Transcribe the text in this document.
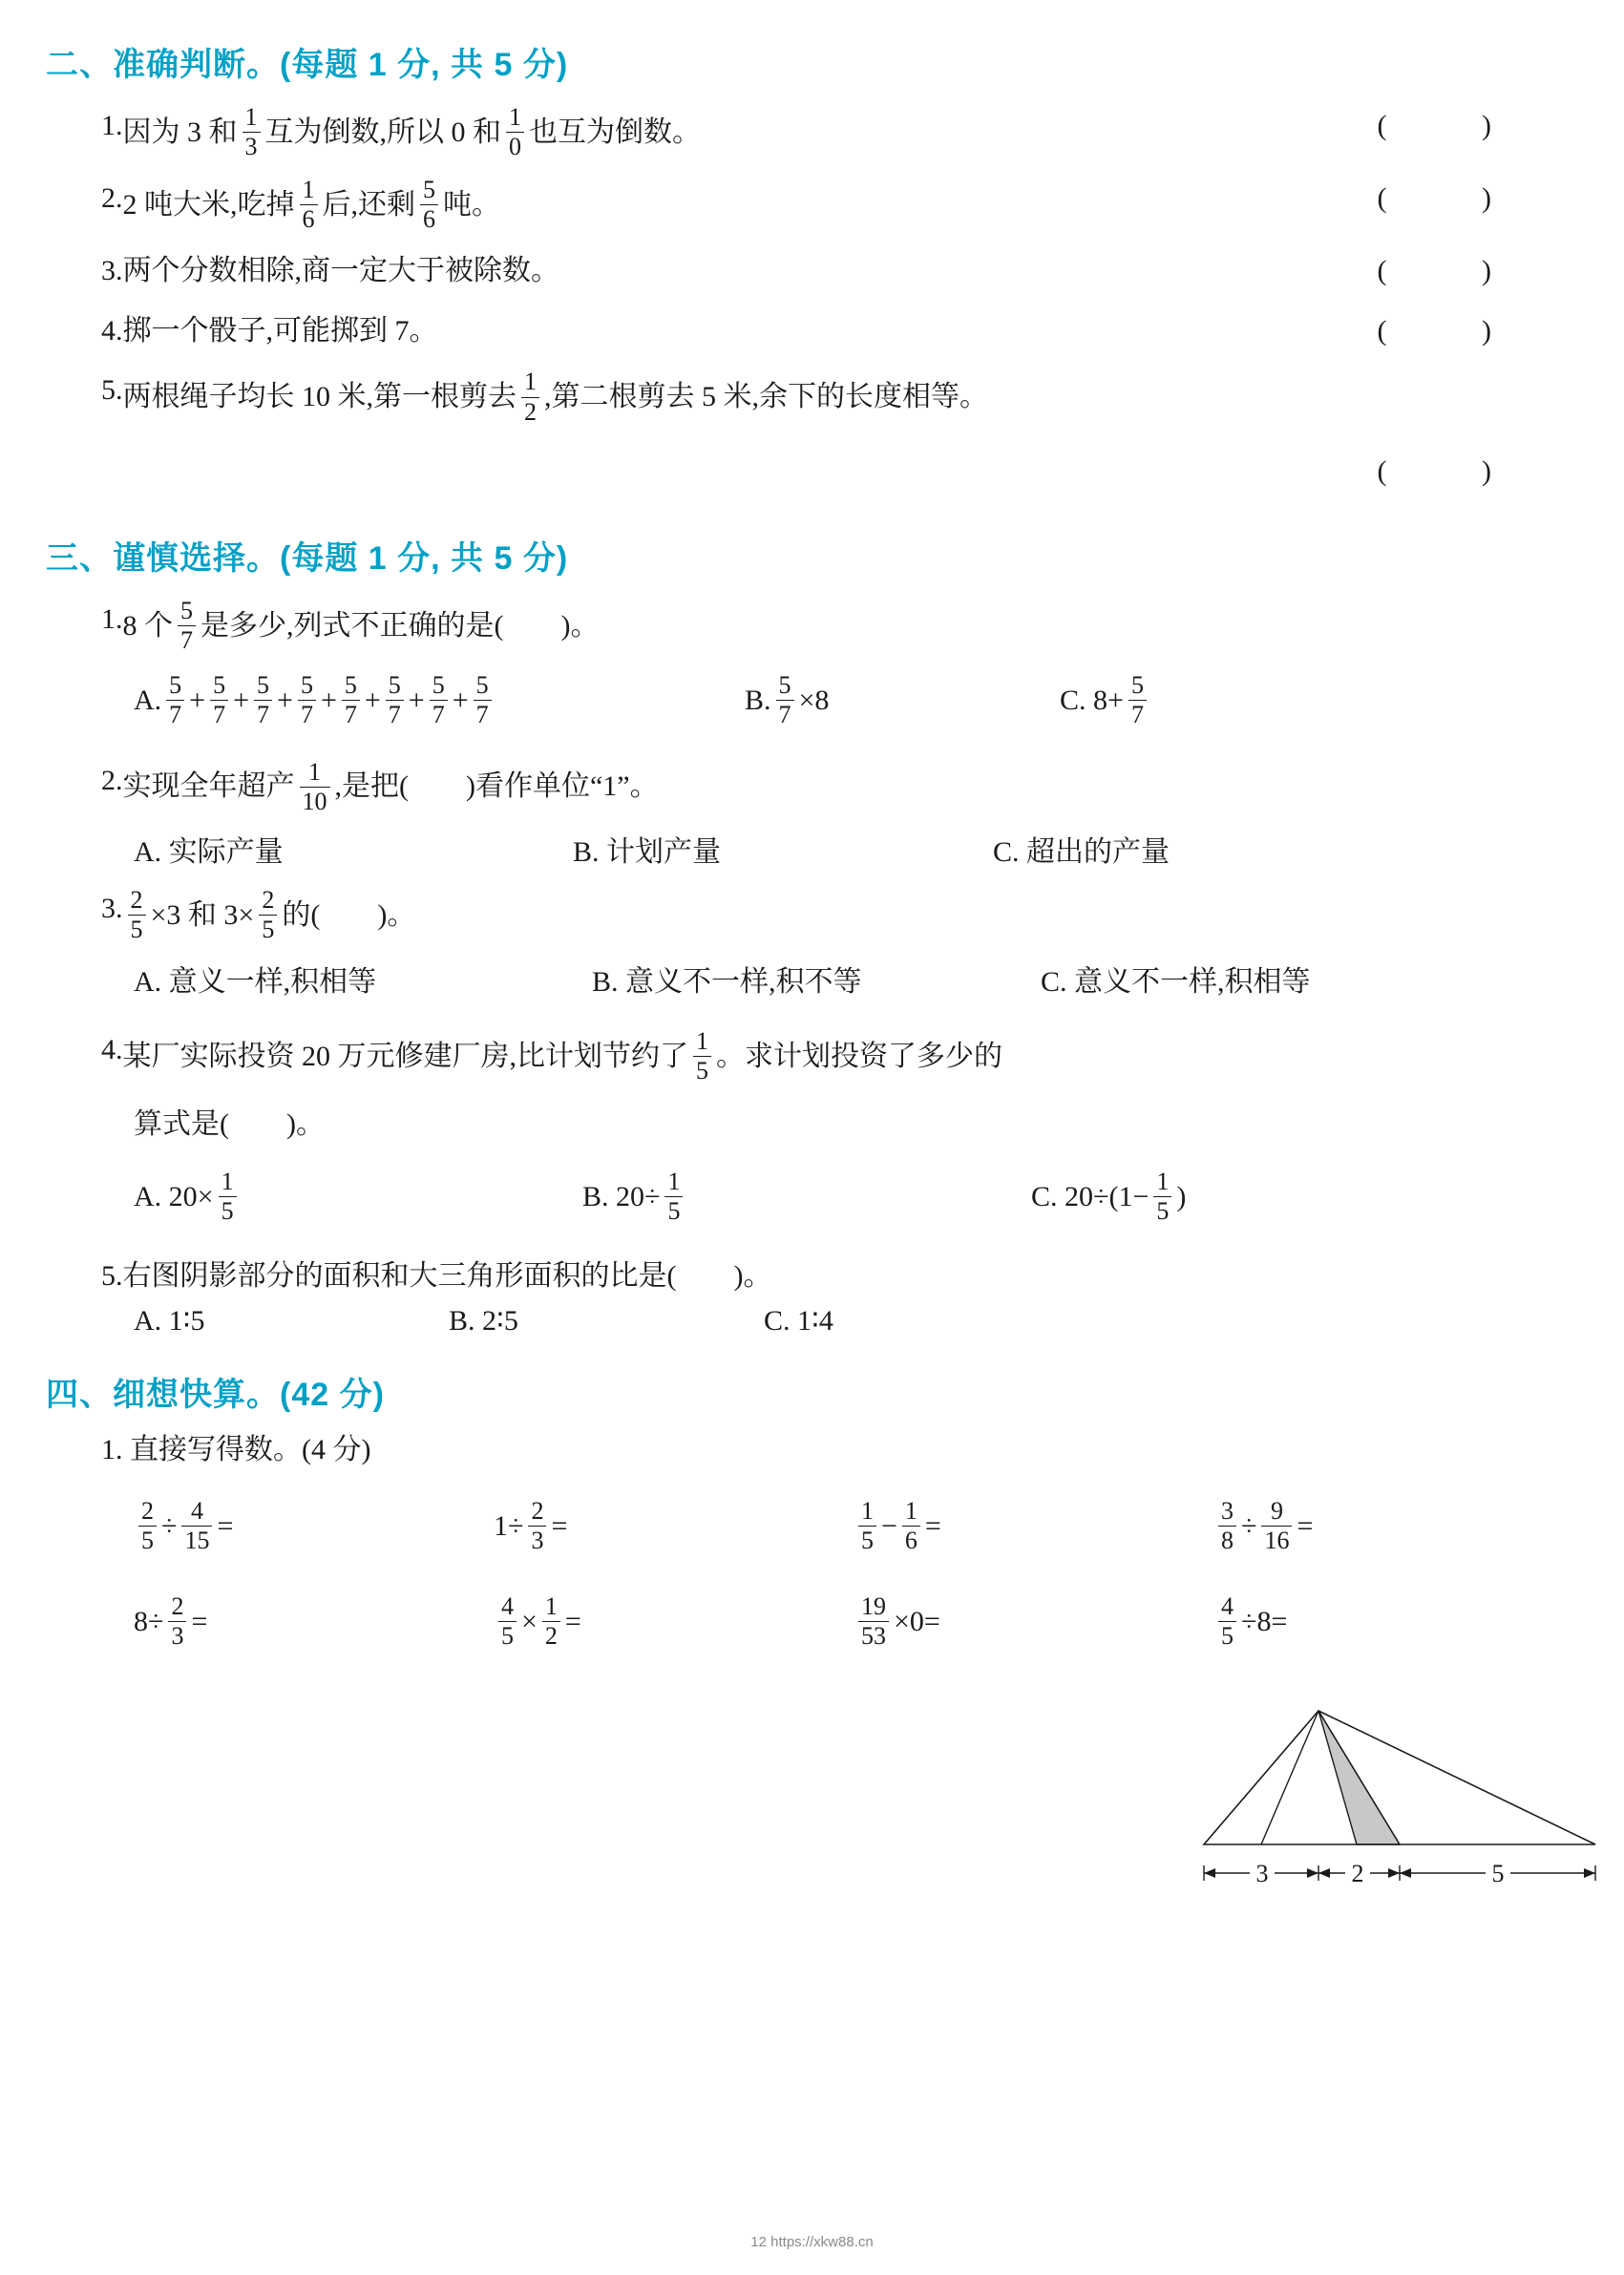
二、准确判断。(每题 1 分, 共 5 分)
1. 因为 3 和 $\frac{1}{3}$ 互为倒数,所以 0 和 $\frac{1}{0}$ 也互为倒数。	( )
2. 2 吨大米,吃掉 $\frac{1}{6}$ 后,还剩 $\frac{5}{6}$ 吨。	( )
3. 两个分数相除,商一定大于被除数。	( )
4. 掷一个骰子,可能掷到 7。	( )
5. 两根绳子均长 10 米,第一根剪去 $\frac{1}{2}$ ,第二根剪去 5 米,余下的长度相等。
( )
三、谨慎选择。(每题 1 分, 共 5 分)
1. 8 个 $\frac{5}{7}$ 是多少,列式不正确的是(        )。
A. $\frac{5}{7} + \frac{5}{7} + \frac{5}{7} + \frac{5}{7} + \frac{5}{7} + \frac{5}{7} + \frac{5}{7} + \frac{5}{7}$	B. $\frac{5}{7} \times 8$	C. $8+ \frac{5}{7}$
2. 实现全年超产 $\frac{1}{10}$ ,是把(        )看作单位“1”。
A. 实际产量	B. 计划产量	C. 超出的产量
3. $\frac{2}{5} \times 3$ 和 $3\times \frac{2}{5}$ 的(        )。
A. 意义一样,积相等	B. 意义不一样,积不等	C. 意义不一样,积相等
4. 某厂实际投资 20 万元修建厂房,比计划节约了 $\frac{1}{5}$ 。求计划投资了多少的
算式是(        )。
A. $20\times \frac{1}{5}$	B. $20\div \frac{1}{5}$	C. $20\div(1- \frac{1}{5}$ )
5. 右图阴影部分的面积和大三角形面积的比是(        )。
A. 1∶5	B. 2∶5	C. 1∶4
四、细想快算。(42 分)
1. 直接写得数。(4 分)
$\frac{2}{5} \div \frac{4}{15}$ =	$1\div \frac{2}{3}$ =	$\frac{1}{5} - \frac{1}{6}$ =	$\frac{3}{8} \div \frac{9}{16}$ =
$8\div \frac{2}{3}$ =	$\frac{4}{5} \times \frac{1}{2}$ =	$\frac{19}{53} \times 0=$	$\frac{4}{5} \div 8=$
3	2	5
12 https://xkw88.cn
